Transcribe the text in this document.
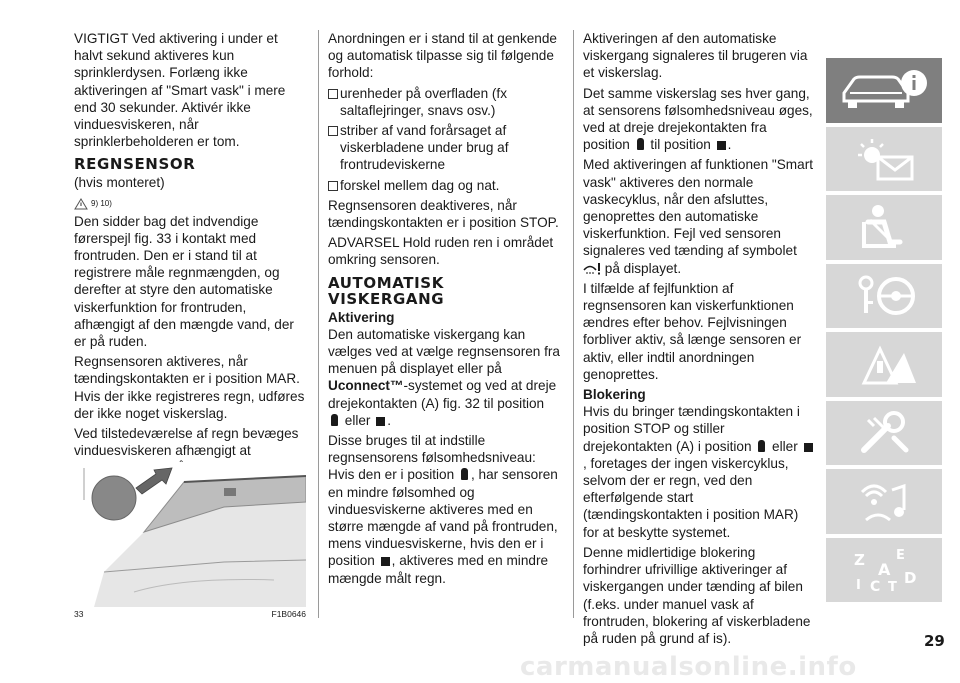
VIGTIGT Ved aktivering i under et halvt sekund aktiveres kun sprinklerdysen. Forlæng ikke aktiveringen af "Smart vask" i mere end 30 sekunder. Aktivér ikke vinduesviskeren, når sprinklerbeholderen er tom.

REGNSENSOR

(hvis monteret)

9) 10)

Den sidder bag det indvendige førerspejl fig. 33 i kontakt med frontruden. Den er i stand til at registrere måle regnmængden, og derefter at styre den automatiske viskerfunktion for frontruden, afhængigt af den mængde vand, der er på ruden.

Regnsensoren aktiveres, når tændingskontakten er i position MAR. Hvis der ikke registreres regn, udføres der ikke noget viskerslag.

Ved tilstedeværelse af regn bevæges vinduesviskeren afhængigt at

33	F1B0646

Anordningen er i stand til at genkende og automatisk tilpasse sig til følgende forhold:

urenheder på overfladen (fx saltaflejringer, snavs osv.)

striber af vand forårsaget af viskerbladene under brug af frontrudeviskerne

forskel mellem dag og nat.

Regnsensoren deaktiveres, når tændingskontakten er i position STOP.

ADVARSEL Hold ruden ren i området omkring sensoren.

AUTOMATISK VISKERGANG
Aktivering

Den automatiske viskergang kan vælges ved at vælge regnsensoren fra menuen på displayet eller på Uconnect™-systemet og ved at dreje drejekontakten (A) fig. 32 til position  eller .

Disse bruges til at indstille regnsensorens følsomhedsniveau: Hvis den er i position , har sensoren en mindre følsomhed og vinduesviskerne aktiveres med en større mængde af vand på frontruden, mens vinduesviskerne, hvis den er i position , aktiveres med en mindre mængde målt regn.

Aktiveringen af den automatiske viskergang signaleres til brugeren via et viskerslag.

Det samme viskerslag ses hver gang, at sensorens følsomhedsniveau øges, ved at dreje drejekontakten fra position  til position .

Med aktiveringen af funktionen "Smart vask" aktiveres den normale vaskecyklus, når den afsluttes, genoprettes den automatiske viskerfunktion. Fejl ved sensoren signaleres ved tænding af symbolet  på displayet.

I tilfælde af fejlfunktion af regnsensoren kan viskerfunktionen ændres efter behov. Fejlvisningen forbliver aktiv, så længe sensoren er aktiv, eller indtil anordningen genoprettes.

Blokering

Hvis du bringer tændingskontakten i position STOP og stiller drejekontakten (A) i position  eller , foretages der ingen viskercyklus, selvom der er regn, ved den efterfølgende start (tændingskontakten i position MAR) for at beskytte systemet.

Denne midlertidige blokering forhindrer ufrivillige aktiveringer af viskergangen under tænding af bilen (f.eks. under manuel vask af frontruden, blokering af viskerbladene på ruden på grund af is).

Z E
A
I C T
D
29
carmanualsonline.info
